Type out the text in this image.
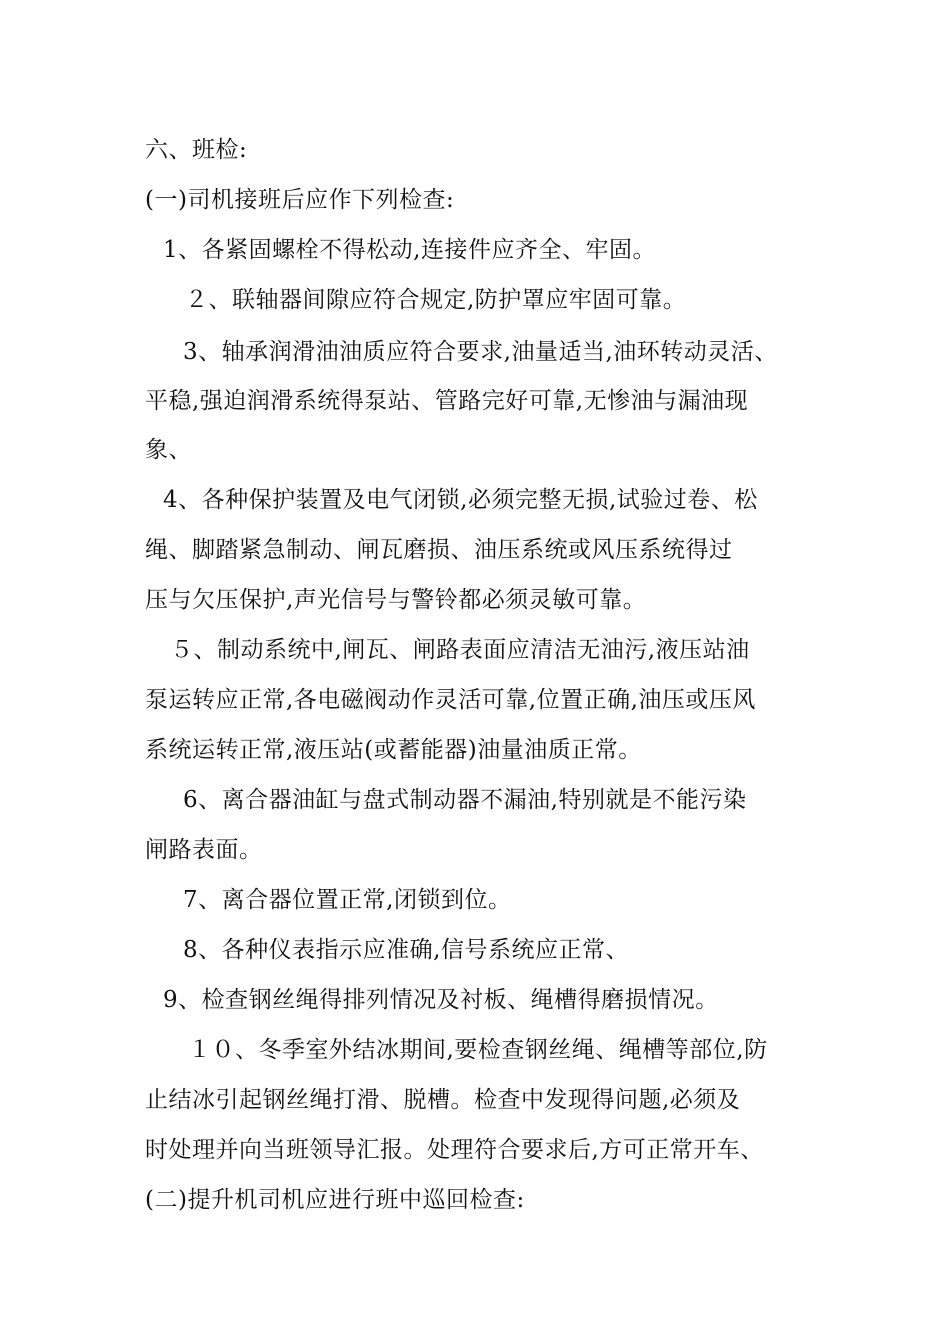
六、班检:
(一)司机接班后应作下列检查:
1、各紧固螺栓不得松动,连接件应齐全、牢固。
２、联轴器间隙应符合规定,防护罩应牢固可靠。
3、轴承润滑油油质应符合要求,油量适当,油环转动灵活、
平稳,强迫润滑系统得泵站、管路完好可靠,无惨油与漏油现
象、
4、各种保护装置及电气闭锁,必须完整无损,试验过卷、松
绳、脚踏紧急制动、闸瓦磨损、油压系统或风压系统得过
压与欠压保护,声光信号与警铃都必须灵敏可靠。
５、制动系统中,闸瓦、闸路表面应清洁无油污,液压站油
泵运转应正常,各电磁阀动作灵活可靠,位置正确,油压或压风
系统运转正常,液压站(或蓄能器)油量油质正常。
6、离合器油缸与盘式制动器不漏油,特别就是不能污染
闸路表面。
7、离合器位置正常,闭锁到位。
8、各种仪表指示应准确,信号系统应正常、
9、检查钢丝绳得排列情况及衬板、绳槽得磨损情况。
１０、冬季室外结冰期间,要检查钢丝绳、绳槽等部位,防
止结冰引起钢丝绳打滑、脱槽。检查中发现得问题,必须及
时处理并向当班领导汇报。处理符合要求后,方可正常开车、
(二)提升机司机应进行班中巡回检查:
